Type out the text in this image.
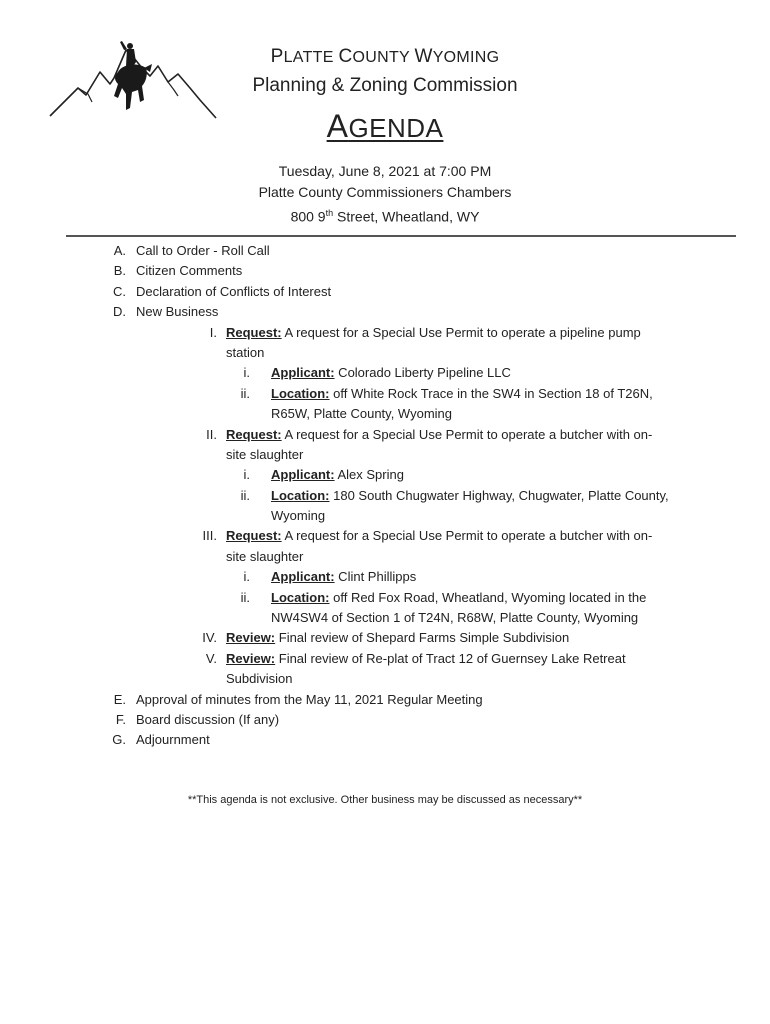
PLATTE COUNTY WYOMING
Planning & Zoning Commission
AGENDA
Tuesday, June 8, 2021 at 7:00 PM
Platte County Commissioners Chambers
800 9th Street, Wheatland, WY
A. Call to Order - Roll Call
B. Citizen Comments
C. Declaration of Conflicts of Interest
D. New Business
I. Request: A request for a Special Use Permit to operate a pipeline pump
station
i. Applicant: Colorado Liberty Pipeline LLC
ii. Location: off White Rock Trace in the SW4 in Section 18 of T26N,
R65W, Platte County, Wyoming
II. Request: A request for a Special Use Permit to operate a butcher with on-
site slaughter
i. Applicant: Alex Spring
ii. Location: 180 South Chugwater Highway, Chugwater, Platte County,
Wyoming
III. Request: A request for a Special Use Permit to operate a butcher with on-
site slaughter
i. Applicant: Clint Phillipps
ii. Location: off Red Fox Road, Wheatland, Wyoming located in the
NW4SW4 of Section 1 of T24N, R68W, Platte County, Wyoming
IV. Review: Final review of Shepard Farms Simple Subdivision
V. Review: Final review of Re-plat of Tract 12 of Guernsey Lake Retreat
Subdivision
E. Approval of minutes from the May 11, 2021 Regular Meeting
F. Board discussion (If any)
G. Adjournment
**This agenda is not exclusive. Other business may be discussed as necessary**
